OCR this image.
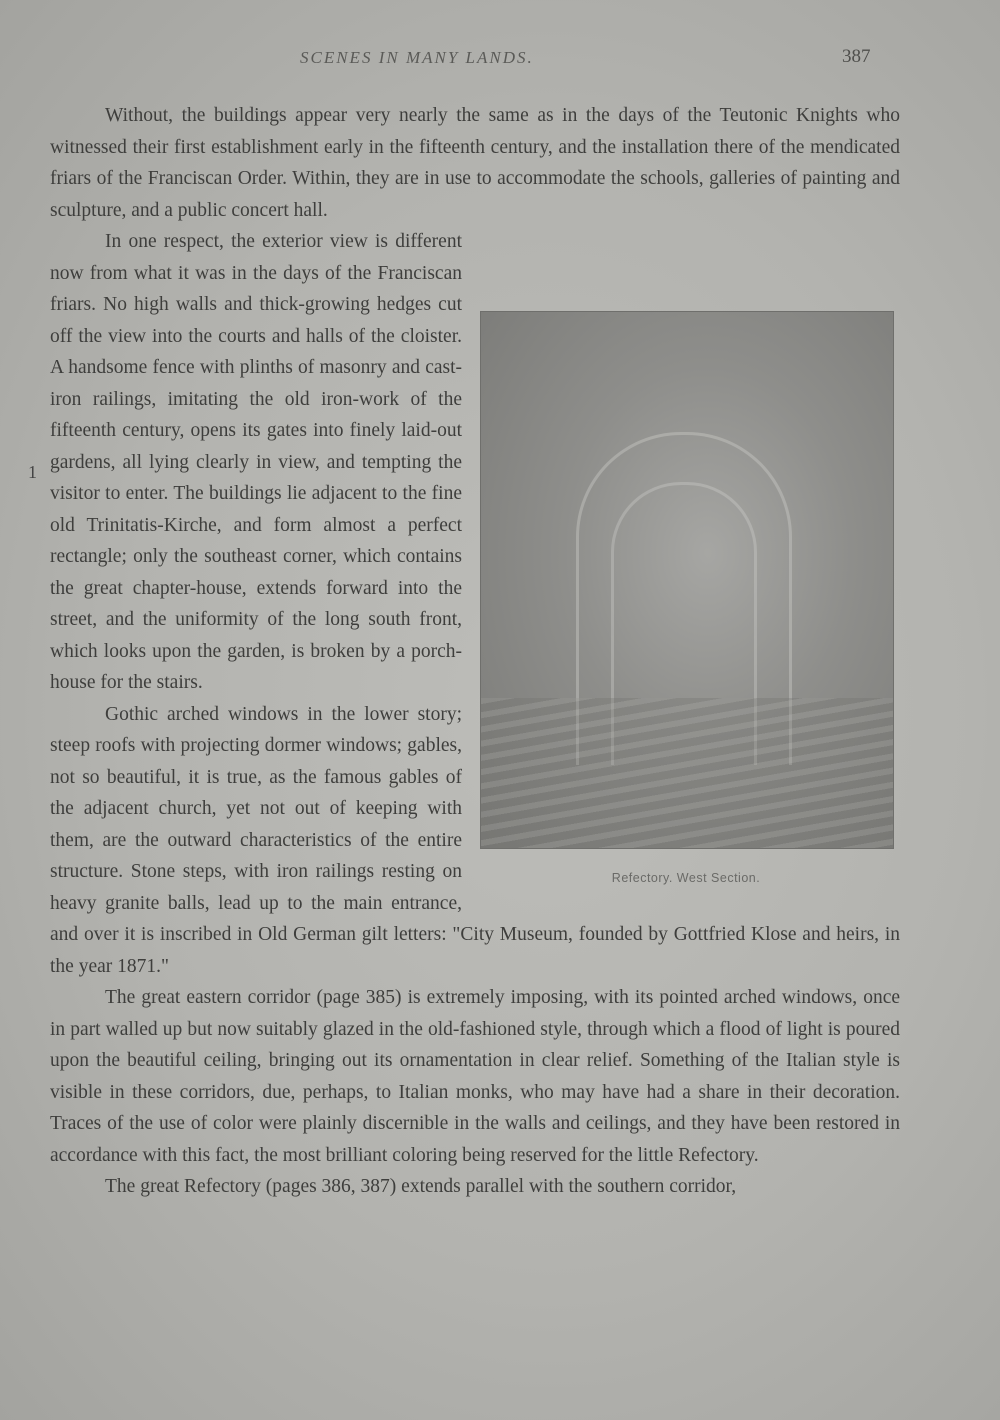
SCENES IN MANY LANDS.	387
1

Without, the buildings appear very nearly the same as in the days of the Teutonic Knights who witnessed their first establishment early in the fifteenth century, and the installation there of the mendicated friars of the Franciscan Order. Within, they are in use to accommodate the schools, galleries of painting and sculpture, and a public concert hall.

Refectory. West Section.

In one respect, the exterior view is different now from what it was in the days of the Franciscan friars. No high walls and thick-growing hedges cut off the view into the courts and halls of the cloister. A handsome fence with plinths of masonry and cast-iron railings, imitating the old iron-work of the fifteenth century, opens its gates into finely laid-out gardens, all lying clearly in view, and tempting the visitor to enter. The buildings lie adjacent to the fine old Trinitatis-Kirche, and form almost a perfect rectangle; only the southeast corner, which contains the great chapter-house, extends forward into the street, and the uniformity of the long south front, which looks upon the garden, is broken by a porch-house for the stairs.

Gothic arched windows in the lower story; steep roofs with projecting dormer windows; gables, not so beautiful, it is true, as the famous gables of the adjacent church, yet not out of keeping with them, are the outward characteristics of the entire structure. Stone steps, with iron railings resting on heavy granite balls, lead up to the main entrance, and over it is inscribed in Old German gilt letters: "City Museum, founded by Gottfried Klose and heirs, in the year 1871."

The great eastern corridor (page 385) is extremely imposing, with its pointed arched windows, once in part walled up but now suitably glazed in the old-fashioned style, through which a flood of light is poured upon the beautiful ceiling, bringing out its ornamentation in clear relief. Something of the Italian style is visible in these corridors, due, perhaps, to Italian monks, who may have had a share in their decoration. Traces of the use of color were plainly discernible in the walls and ceilings, and they have been restored in accordance with this fact, the most brilliant coloring being reserved for the little Refectory.

The great Refectory (pages 386, 387) extends parallel with the southern corridor,
